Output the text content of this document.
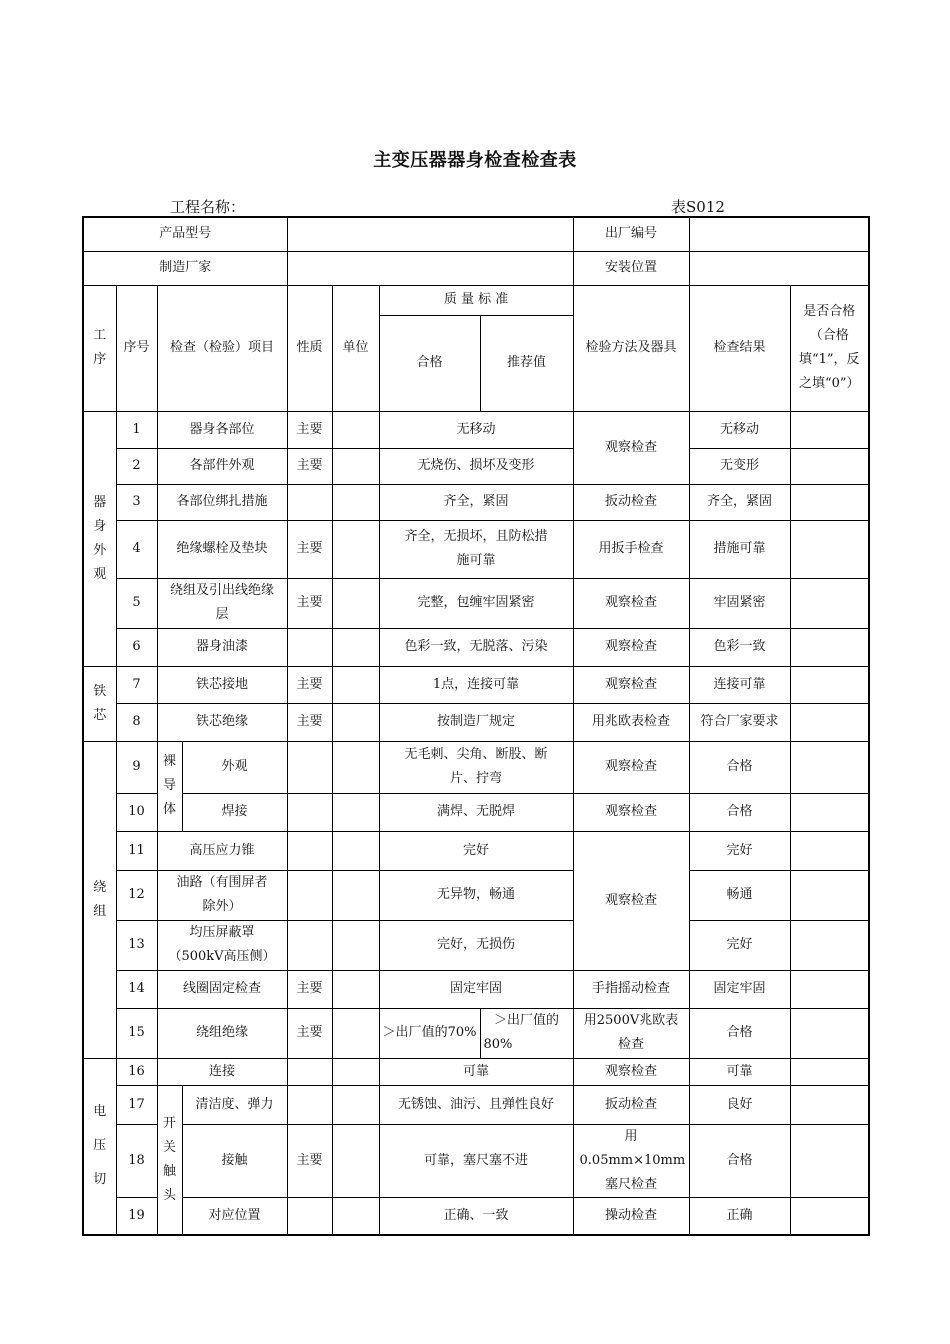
主变压器器身检查检查表
工程名称：	表S012
产品型号								出厂编号		
制造厂家								安装位置		
工序	序号	检查（检验）项目		性质	单位	质 量 标 准		检验方法及器具	检查结果	是否合格（合格填“1”，反之填“0”）
						合格	推荐值			
器身外观	1	器身各部位		主要		无移动		观察检查	无移动	
	2	各部件外观		主要		无烧伤、损坏及变形			无变形	
	3	各部位绑扎措施				齐全，紧固		扳动检查	齐全，紧固	
	4	绝缘螺栓及垫块		主要		齐全，无损坏，且防松措施可靠		用扳手检查	措施可靠	
	5	绕组及引出线绝缘层		主要		完整，包缠牢固紧密		观察检查	牢固紧密	
	6	器身油漆				色彩一致，无脱落、污染		观察检查	色彩一致	
铁芯	7	铁芯接地		主要		1点，连接可靠		观察检查	连接可靠	
	8	铁芯绝缘		主要		按制造厂规定		用兆欧表检查	符合厂家要求	
绕组	9	裸导体	外观			无毛刺、尖角、断股、断片、拧弯		观察检查	合格	
	10		焊接			满焊、无脱焊		观察检查	合格	
	11	高压应力锥				完好		观察检查	完好	
	12	油路（有围屏者除外）				无异物，畅通			畅通	
	13	均压屏蔽罩（500kV高压侧）				完好，无损伤			完好	
	14	线圈固定检查		主要		固定牢固		手指摇动检查	固定牢固	
	15	绕组绝缘		主要		＞出厂值的70%	＞出厂值的80%	用2500V兆欧表检查	合格	
电压切	16	连接				可靠		观察检查	可靠	
	17	开关触头	清洁度、弹力			无锈蚀、油污、且弹性良好		扳动检查	良好	
	18		接触	主要		可靠，塞尺塞不进		用0.05mm×10mm塞尺检查	合格	
	19		对应位置			正确、一致		操动检查	正确	
